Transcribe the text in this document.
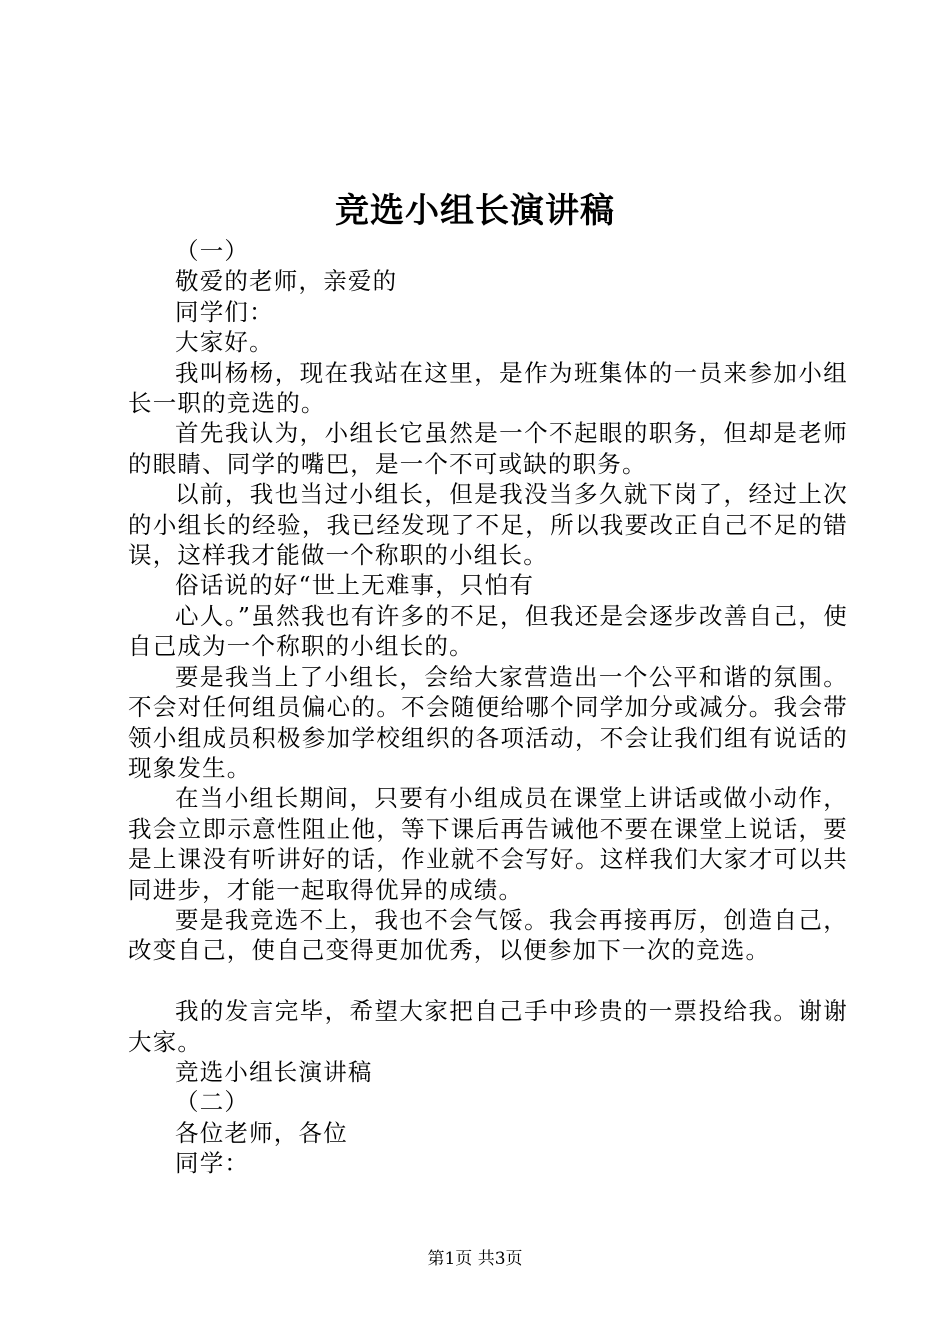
竞选小组长演讲稿

（一）

敬爱的老师，亲爱的

同学们：

大家好。

我叫杨杨，现在我站在这里，是作为班集体的一员来参加小组长一职的竞选的。

首先我认为，小组长它虽然是一个不起眼的职务，但却是老师的眼睛、同学的嘴巴，是一个不可或缺的职务。

以前，我也当过小组长，但是我没当多久就下岗了，经过上次的小组长的经验，我已经发现了不足，所以我要改正自己不足的错误，这样我才能做一个称职的小组长。

俗话说的好“世上无难事，只怕有

心人。”虽然我也有许多的不足，但我还是会逐步改善自己，使自己成为一个称职的小组长的。

要是我当上了小组长，会给大家营造出一个公平和谐的氛围。不会对任何组员偏心的。不会随便给哪个同学加分或减分。我会带领小组成员积极参加学校组织的各项活动，不会让我们组有说话的现象发生。

在当小组长期间，只要有小组成员在课堂上讲话或做小动作，我会立即示意性阻止他，等下课后再告诫他不要在课堂上说话，要是上课没有听讲好的话，作业就不会写好。这样我们大家才可以共同进步，才能一起取得优异的成绩。

要是我竞选不上，我也不会气馁。我会再接再厉，创造自己，改变自己，使自己变得更加优秀，以便参加下一次的竞选。

我的发言完毕，希望大家把自己手中珍贵的一票投给我。谢谢大家。

竞选小组长演讲稿

（二）

各位老师，各位

同学：

第1页 共3页
